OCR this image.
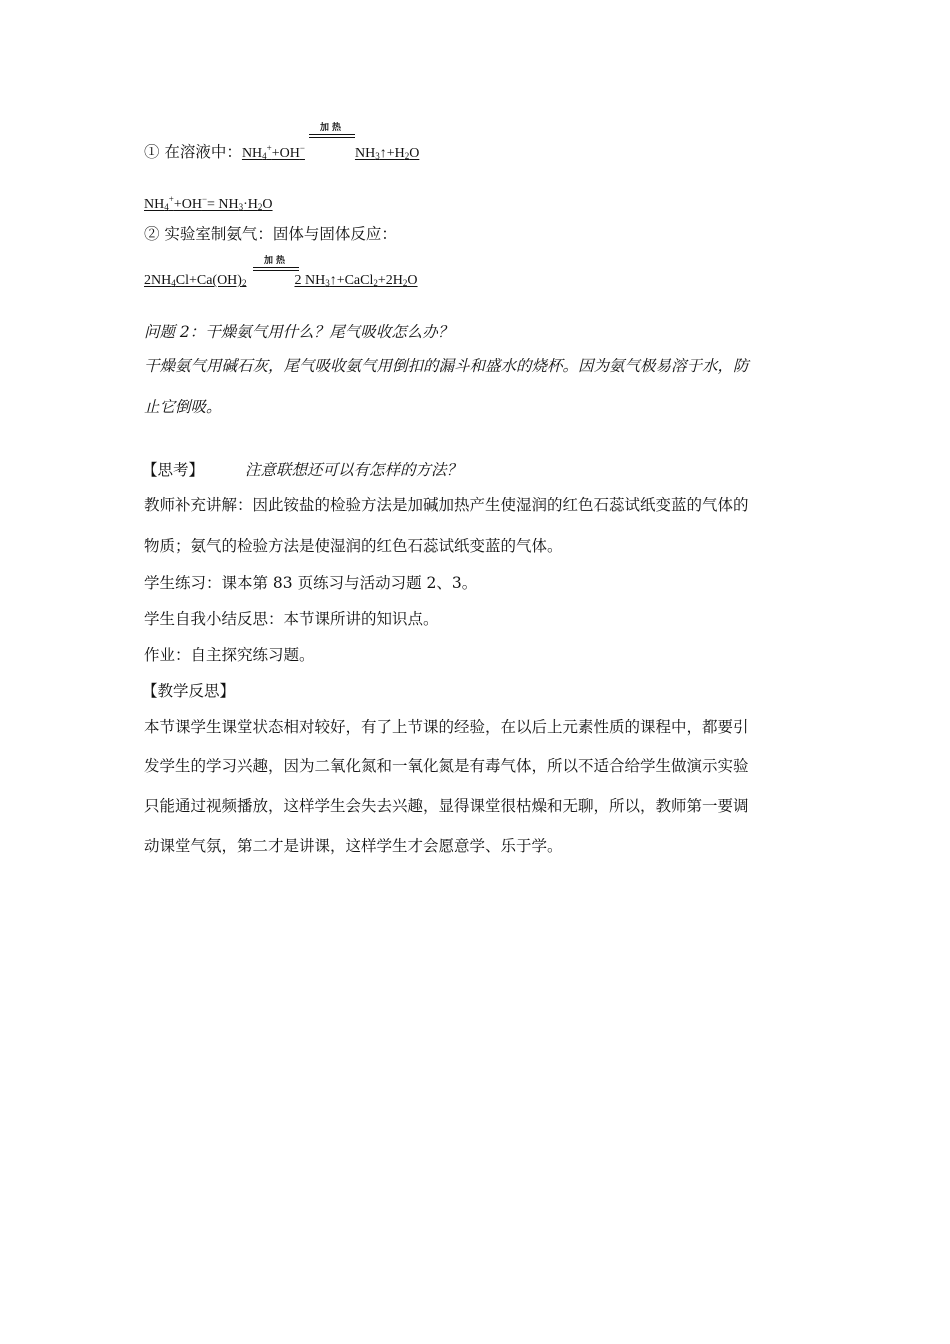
① 在溶液中：$NH_4^++OH^-$	$NH_3↑+H_2O$
加热
$NH_4^++OH^-= NH_3\cdot H_2O$
② 实验室制氨气：固体与固体反应：
$2NH_4Cl+Ca(OH)_2$	2 $NH_3↑+CaCl_2+2H_2O$
加热
问题 2：干燥氨气用什么？尾气吸收怎么办？
干燥氨气用碱石灰，尾气吸收氨气用倒扣的漏斗和盛水的烧杯。因为氨气极易溶于水，防
止它倒吸。
【思考】	注意联想还可以有怎样的方法？
教师补充讲解：因此铵盐的检验方法是加碱加热产生使湿润的红色石蕊试纸变蓝的气体的
物质；氨气的检验方法是使湿润的红色石蕊试纸变蓝的气体。
学生练习：课本第 83 页练习与活动习题 2、3。
学生自我小结反思：本节课所讲的知识点。
作业：自主探究练习题。
【教学反思】
本节课学生课堂状态相对较好，有了上节课的经验，在以后上元素性质的课程中，都要引
发学生的学习兴趣，因为二氧化氮和一氧化氮是有毒气体，所以不适合给学生做演示实验
只能通过视频播放，这样学生会失去兴趣，显得课堂很枯燥和无聊，所以，教师第一要调
动课堂气氛，第二才是讲课，这样学生才会愿意学、乐于学。
